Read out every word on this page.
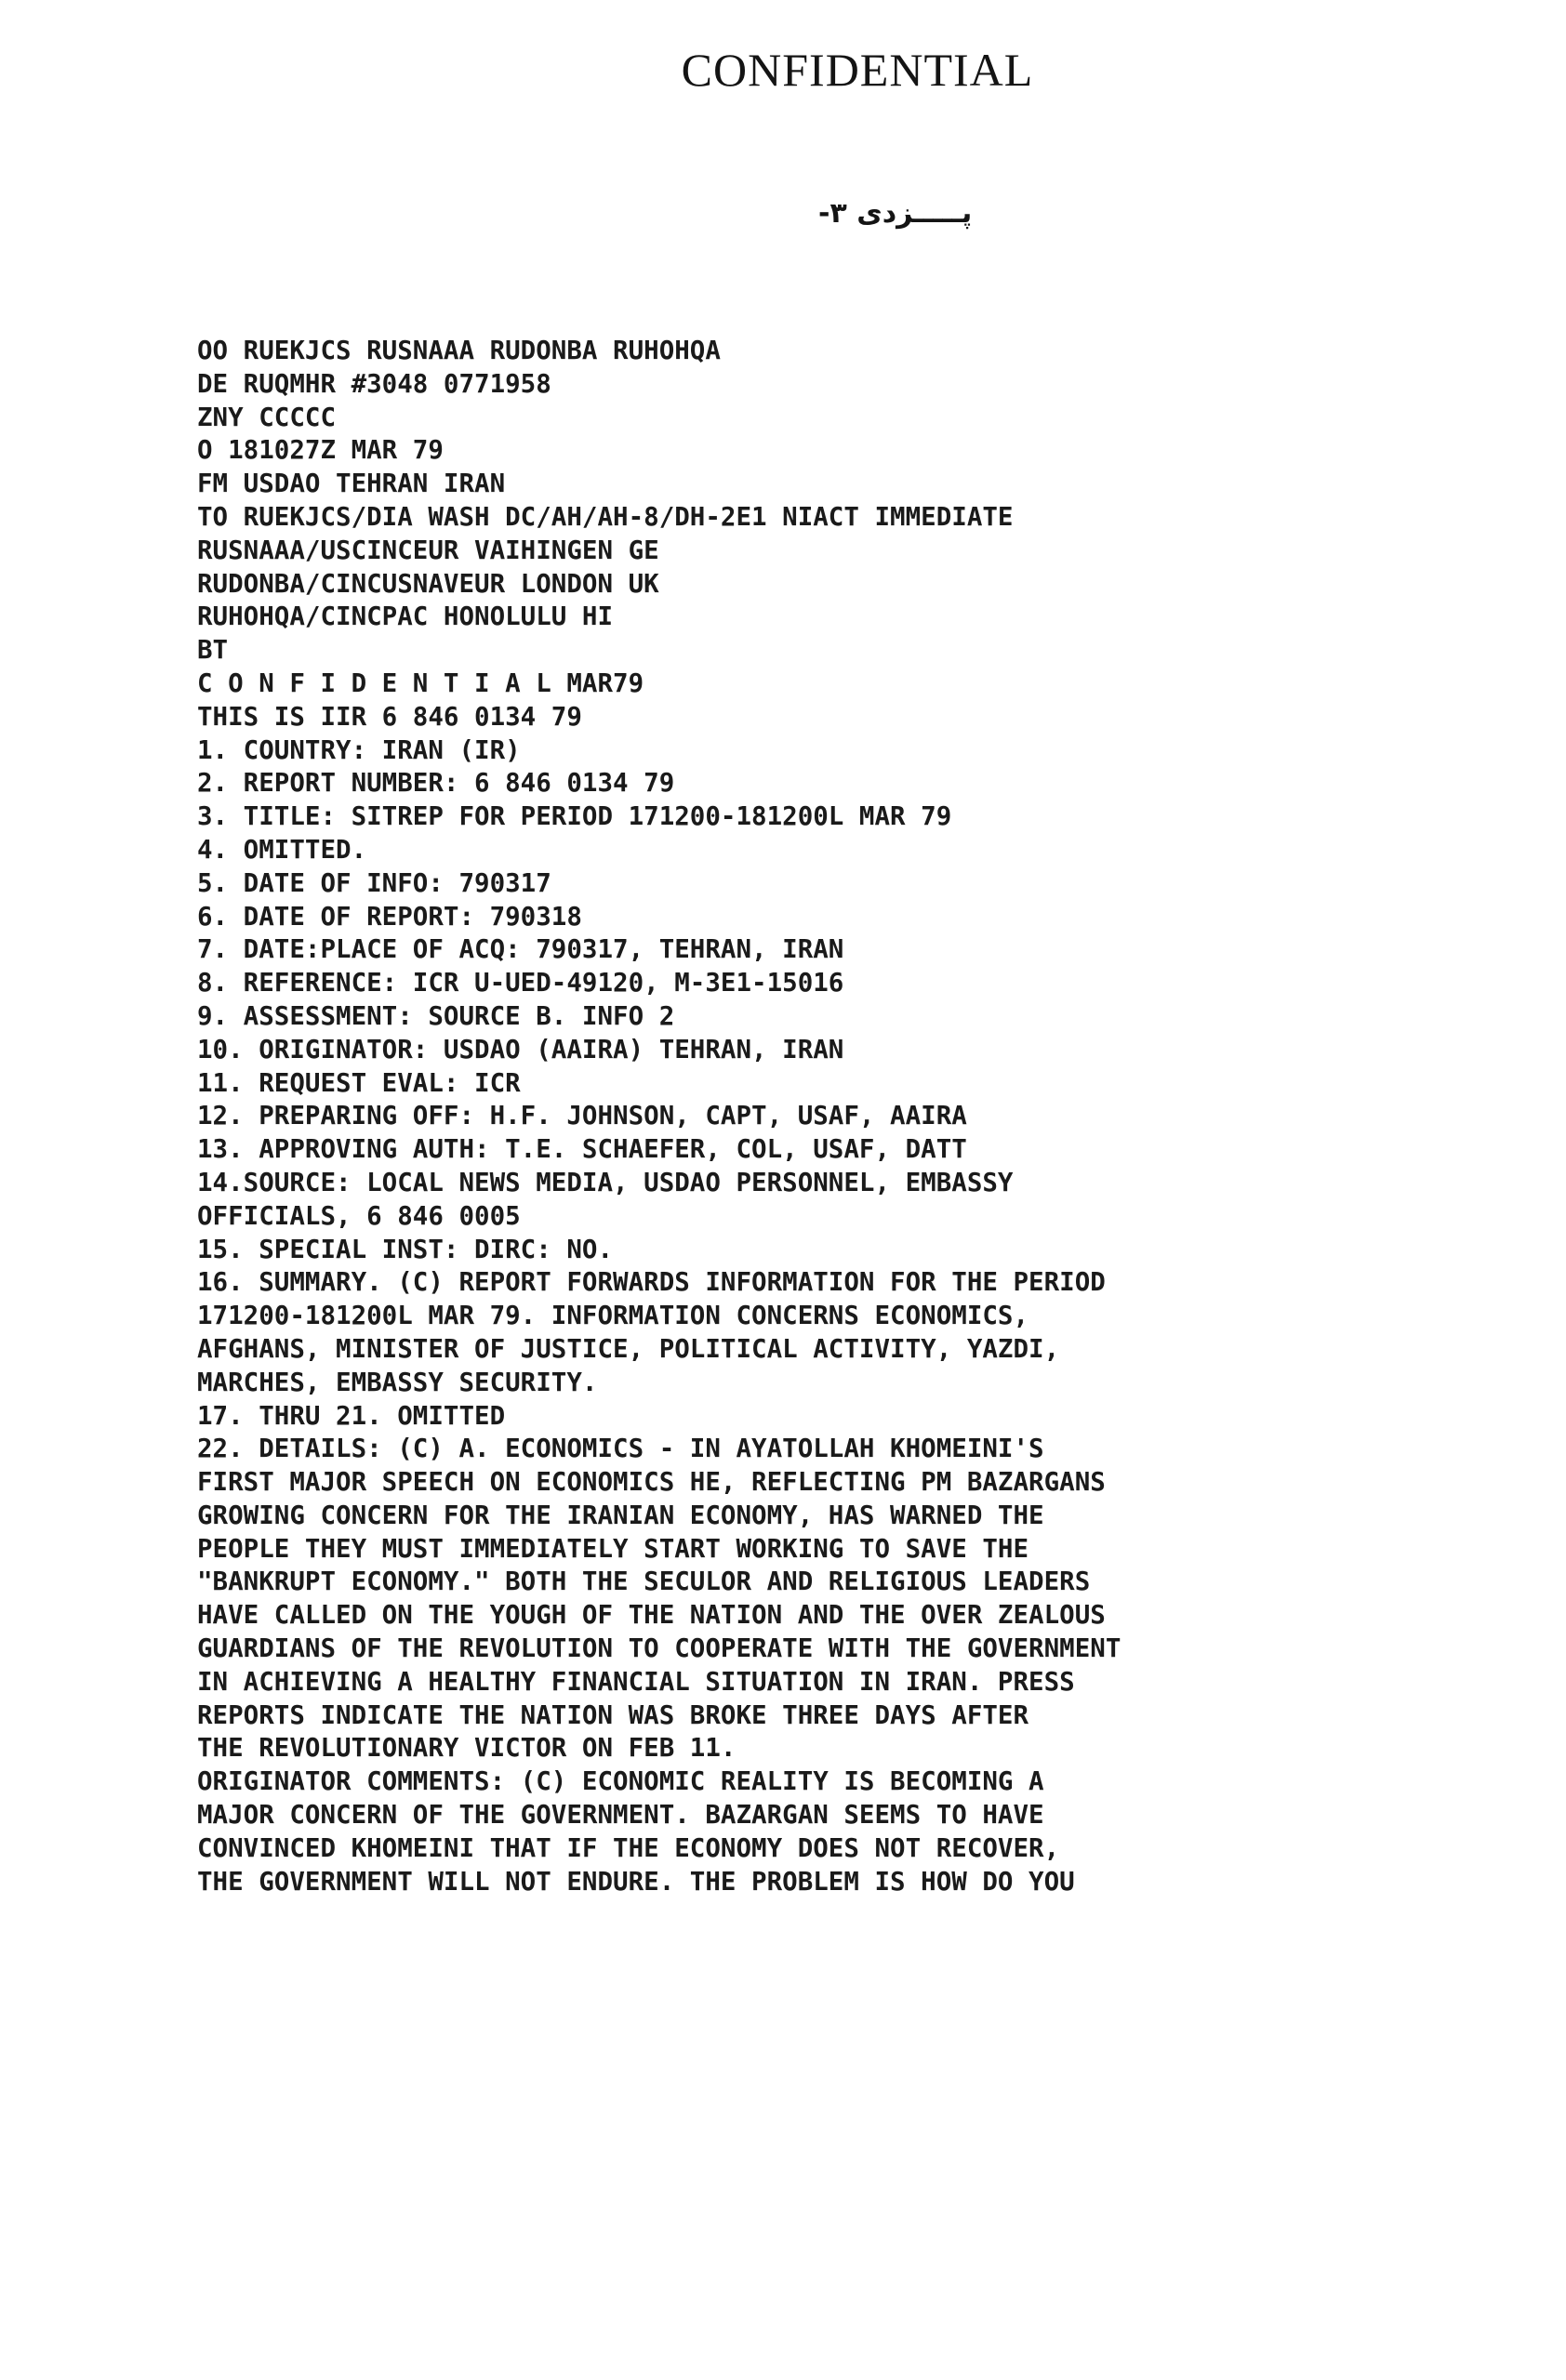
CONFIDENTIAL
پـــــزدی ۳-
OO RUEKJCS RUSNAAA RUDONBA RUHOHQA
DE RUQMHR #3048 0771958
ZNY CCCCC
O 181027Z MAR 79
FM USDAO TEHRAN IRAN
TO RUEKJCS/DIA WASH DC/AH/AH-8/DH-2E1 NIACT IMMEDIATE
RUSNAAA/USCINCEUR VAIHINGEN GE
RUDONBA/CINCUSNAVEUR LONDON UK
RUHOHQA/CINCPAC HONOLULU HI
BT
C O N F I D E N T I A L MAR79
THIS IS IIR 6 846 0134 79
1. COUNTRY: IRAN (IR)
2. REPORT NUMBER: 6 846 0134 79
3. TITLE: SITREP FOR PERIOD 171200-181200L MAR 79
4. OMITTED.
5. DATE OF INFO: 790317
6. DATE OF REPORT: 790318
7. DATE:PLACE OF ACQ: 790317, TEHRAN, IRAN
8. REFERENCE: ICR U-UED-49120, M-3E1-15016
9. ASSESSMENT: SOURCE B. INFO 2
10. ORIGINATOR: USDAO (AAIRA) TEHRAN, IRAN
11. REQUEST EVAL: ICR
12. PREPARING OFF: H.F. JOHNSON, CAPT, USAF, AAIRA
13. APPROVING AUTH: T.E. SCHAEFER, COL, USAF, DATT
14.SOURCE: LOCAL NEWS MEDIA, USDAO PERSONNEL, EMBASSY
OFFICIALS, 6 846 0005
15. SPECIAL INST: DIRC: NO.
16. SUMMARY. (C) REPORT FORWARDS INFORMATION FOR THE PERIOD
171200-181200L MAR 79. INFORMATION CONCERNS ECONOMICS,
AFGHANS, MINISTER OF JUSTICE, POLITICAL ACTIVITY, YAZDI,
MARCHES, EMBASSY SECURITY.
17. THRU 21. OMITTED
22. DETAILS: (C) A. ECONOMICS - IN AYATOLLAH KHOMEINI'S
FIRST MAJOR SPEECH ON ECONOMICS HE, REFLECTING PM BAZARGANS
GROWING CONCERN FOR THE IRANIAN ECONOMY, HAS WARNED THE
PEOPLE THEY MUST IMMEDIATELY START WORKING TO SAVE THE
"BANKRUPT ECONOMY." BOTH THE SECULOR AND RELIGIOUS LEADERS
HAVE CALLED ON THE YOUGH OF THE NATION AND THE OVER ZEALOUS
GUARDIANS OF THE REVOLUTION TO COOPERATE WITH THE GOVERNMENT
IN ACHIEVING A HEALTHY FINANCIAL SITUATION IN IRAN. PRESS
REPORTS INDICATE THE NATION WAS BROKE THREE DAYS AFTER
THE REVOLUTIONARY VICTOR ON FEB 11.
ORIGINATOR COMMENTS: (C) ECONOMIC REALITY IS BECOMING A
MAJOR CONCERN OF THE GOVERNMENT. BAZARGAN SEEMS TO HAVE
CONVINCED KHOMEINI THAT IF THE ECONOMY DOES NOT RECOVER,
THE GOVERNMENT WILL NOT ENDURE. THE PROBLEM IS HOW DO YOU
